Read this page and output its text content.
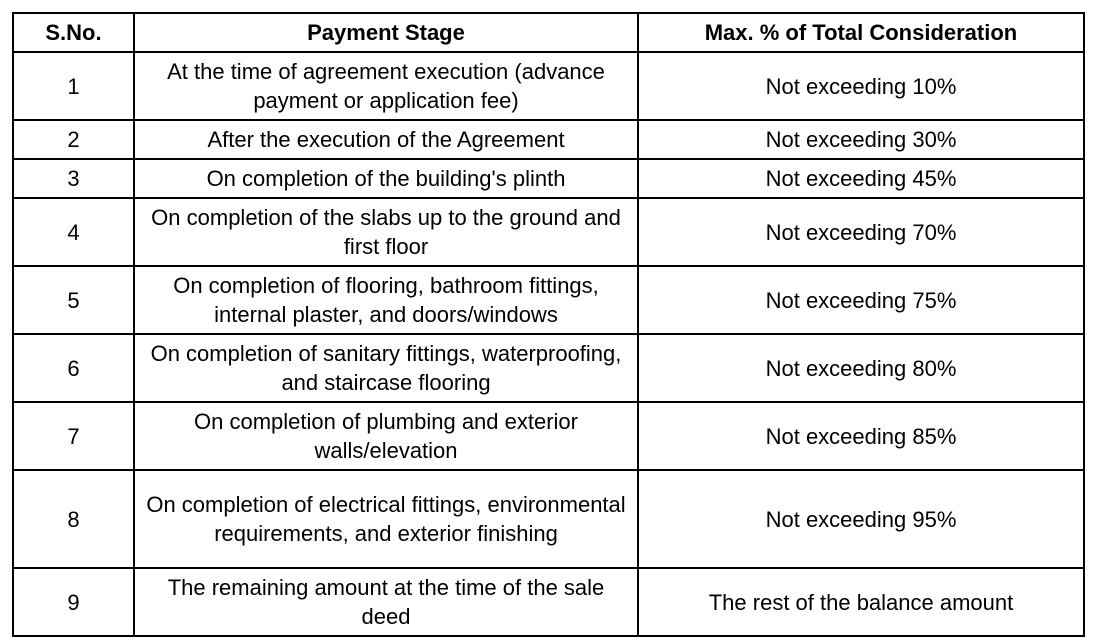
S.No.	Payment Stage	Max. % of Total Consideration
1	At the time of agreement execution (advance payment or application fee)	Not exceeding 10%
2	After the execution of the Agreement	Not exceeding 30%
3	On completion of the building's plinth	Not exceeding 45%
4	On completion of the slabs up to the ground and first floor	Not exceeding 70%
5	On completion of flooring, bathroom fittings, internal plaster, and doors/windows	Not exceeding 75%
6	On completion of sanitary fittings, waterproofing, and staircase flooring	Not exceeding 80%
7	On completion of plumbing and exterior walls/elevation	Not exceeding 85%
8	On completion of electrical fittings, environmental requirements, and exterior finishing	Not exceeding 95%
9	The remaining amount at the time of the sale deed	The rest of the balance amount
